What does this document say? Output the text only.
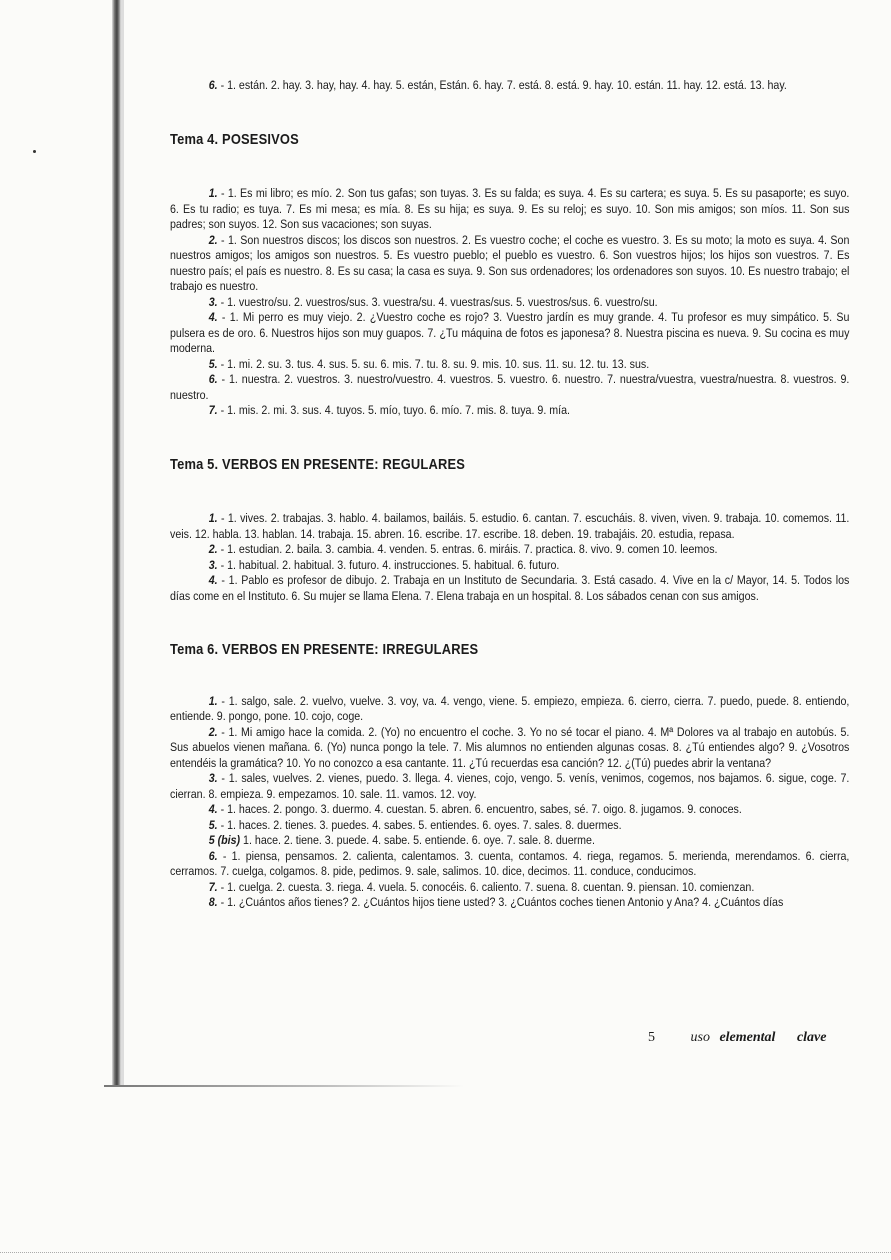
6. - 1. están. 2. hay. 3. hay, hay. 4. hay. 5. están, Están. 6. hay. 7. está. 8. está. 9. hay. 10. están. 11. hay. 12. está. 13. hay.

Tema 4. POSESIVOS

1. - 1. Es mi libro; es mío. 2. Son tus gafas; son tuyas. 3. Es su falda; es suya. 4. Es su cartera; es suya. 5. Es su pasaporte; es suyo. 6. Es tu radio; es tuya. 7. Es mi mesa; es mía. 8. Es su hija; es suya. 9. Es su reloj; es suyo. 10. Son mis amigos; son míos. 11. Son sus padres; son suyos. 12. Son sus vacaciones; son suyas.

2. - 1. Son nuestros discos; los discos son nuestros. 2. Es vuestro coche; el coche es vuestro. 3. Es su moto; la moto es suya. 4. Son nuestros amigos; los amigos son nuestros. 5. Es vuestro pueblo; el pueblo es vuestro. 6. Son vuestros hijos; los hijos son vuestros. 7. Es nuestro país; el país es nuestro. 8. Es su casa; la casa es suya. 9. Son sus ordenadores; los ordenadores son suyos. 10. Es nuestro trabajo; el trabajo es nuestro.

3. - 1. vuestro/su. 2. vuestros/sus. 3. vuestra/su. 4. vuestras/sus. 5. vuestros/sus. 6. vuestro/su.

4. - 1. Mi perro es muy viejo. 2. ¿Vuestro coche es rojo? 3. Vuestro jardín es muy grande. 4. Tu profesor es muy simpático. 5. Su pulsera es de oro. 6. Nuestros hijos son muy guapos. 7. ¿Tu máquina de fotos es japonesa? 8. Nuestra piscina es nueva. 9. Su cocina es muy moderna.

5. - 1. mi. 2. su. 3. tus. 4. sus. 5. su. 6. mis. 7. tu. 8. su. 9. mis. 10. sus. 11. su. 12. tu. 13. sus.

6. - 1. nuestra. 2. vuestros. 3. nuestro/vuestro. 4. vuestros. 5. vuestro. 6. nuestro. 7. nuestra/vuestra, vuestra/nuestra. 8. vuestros. 9. nuestro.

7. - 1. mis. 2. mi. 3. sus. 4. tuyos. 5. mío, tuyo. 6. mío. 7. mis. 8. tuya. 9. mía.

Tema 5. VERBOS EN PRESENTE: REGULARES

1. - 1. vives. 2. trabajas. 3. hablo. 4. bailamos, bailáis. 5. estudio. 6. cantan. 7. escucháis. 8. viven, viven. 9. trabaja. 10. comemos. 11. veis. 12. habla. 13. hablan. 14. trabaja. 15. abren. 16. escribe. 17. escribe. 18. deben. 19. trabajáis. 20. estudia, repasa.

2. - 1. estudian. 2. baila. 3. cambia. 4. venden. 5. entras. 6. miráis. 7. practica. 8. vivo. 9. comen 10. leemos.

3. - 1. habitual. 2. habitual. 3. futuro. 4. instrucciones. 5. habitual. 6. futuro.

4. - 1. Pablo es profesor de dibujo. 2. Trabaja en un Instituto de Secundaria. 3. Está casado. 4. Vive en la c/ Mayor, 14. 5. Todos los días come en el Instituto. 6. Su mujer se llama Elena. 7. Elena trabaja en un hospital. 8. Los sábados cenan con sus amigos.

Tema 6. VERBOS EN PRESENTE: IRREGULARES

1. - 1. salgo, sale. 2. vuelvo, vuelve. 3. voy, va. 4. vengo, viene. 5. empiezo, empieza. 6. cierro, cierra. 7. puedo, puede. 8. entiendo, entiende. 9. pongo, pone. 10. cojo, coge.

2. - 1. Mi amigo hace la comida. 2. (Yo) no encuentro el coche. 3. Yo no sé tocar el piano. 4. Mª Dolores va al trabajo en autobús. 5. Sus abuelos vienen mañana. 6. (Yo) nunca pongo la tele. 7. Mis alumnos no entienden algunas cosas. 8. ¿Tú entiendes algo? 9. ¿Vosotros entendéis la gramática? 10. Yo no conozco a esa cantante. 11. ¿Tú recuerdas esa canción? 12. ¿(Tú) puedes abrir la ventana?

3. - 1. sales, vuelves. 2. vienes, puedo. 3. llega. 4. vienes, cojo, vengo. 5. venís, venimos, cogemos, nos bajamos. 6. sigue, coge. 7. cierran. 8. empieza. 9. empezamos. 10. sale. 11. vamos. 12. voy.

4. - 1. haces. 2. pongo. 3. duermo. 4. cuestan. 5. abren. 6. encuentro, sabes, sé. 7. oigo. 8. jugamos. 9. conoces.

5. - 1. haces. 2. tienes. 3. puedes. 4. sabes. 5. entiendes. 6. oyes. 7. sales. 8. duermes.

5 (bis) 1. hace. 2. tiene. 3. puede. 4. sabe. 5. entiende. 6. oye. 7. sale. 8. duerme.

6. - 1. piensa, pensamos. 2. calienta, calentamos. 3. cuenta, contamos. 4. riega, regamos. 5. merienda, merendamos. 6. cierra, cerramos. 7. cuelga, colgamos. 8. pide, pedimos. 9. sale, salimos. 10. dice, decimos. 11. conduce, conducimos.

7. - 1. cuelga. 2. cuesta. 3. riega. 4. vuela. 5. conocéis. 6. caliento. 7. suena. 8. cuentan. 9. piensan. 10. comienzan.

8. - 1. ¿Cuántos años tienes? 2. ¿Cuántos hijos tiene usted? 3. ¿Cuántos coches tienen Antonio y Ana? 4. ¿Cuántos días

5	uso elemental clave
